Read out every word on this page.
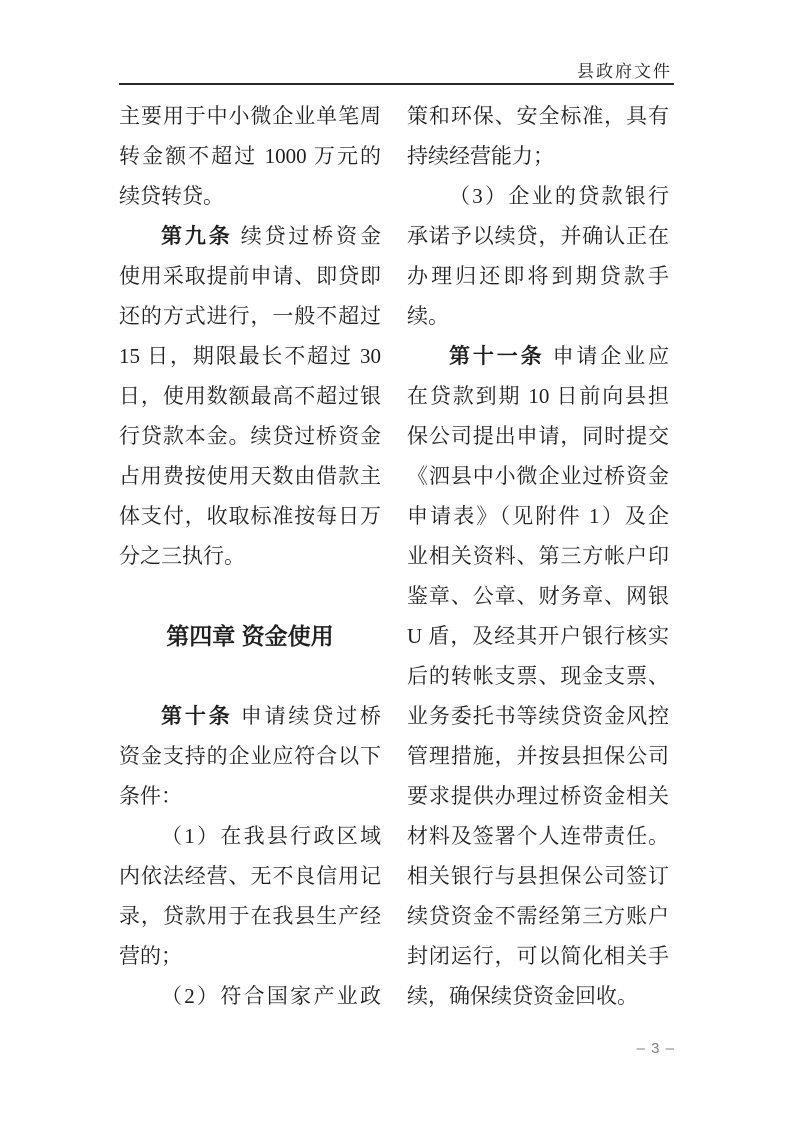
县政府文件
主要用于中小微企业单笔周
转金额不超过 1000 万元的
续贷转贷。
第九条 续贷过桥资金
使用采取提前申请、即贷即
还的方式进行，一般不超过
15 日，期限最长不超过 30
日，使用数额最高不超过银
行贷款本金。续贷过桥资金
占用费按使用天数由借款主
体支付，收取标准按每日万
分之三执行。
第四章 资金使用
第十条 申请续贷过桥
资金支持的企业应符合以下
条件：
（1）在我县行政区域
内依法经营、无不良信用记
录，贷款用于在我县生产经
营的；
（2）符合国家产业政
策和环保、安全标准，具有
持续经营能力；
（3）企业的贷款银行
承诺予以续贷，并确认正在
办理归还即将到期贷款手
续。
第十一条 申请企业应
在贷款到期 10 日前向县担
保公司提出申请，同时提交
《泗县中小微企业过桥资金
申请表》（见附件 1）及企
业相关资料、第三方帐户印
鉴章、公章、财务章、网银
U 盾，及经其开户银行核实
后的转帐支票、现金支票、
业务委托书等续贷资金风控
管理措施，并按县担保公司
要求提供办理过桥资金相关
材料及签署个人连带责任。
相关银行与县担保公司签订
续贷资金不需经第三方账户
封闭运行，可以简化相关手
续，确保续贷资金回收。
– 3 –
